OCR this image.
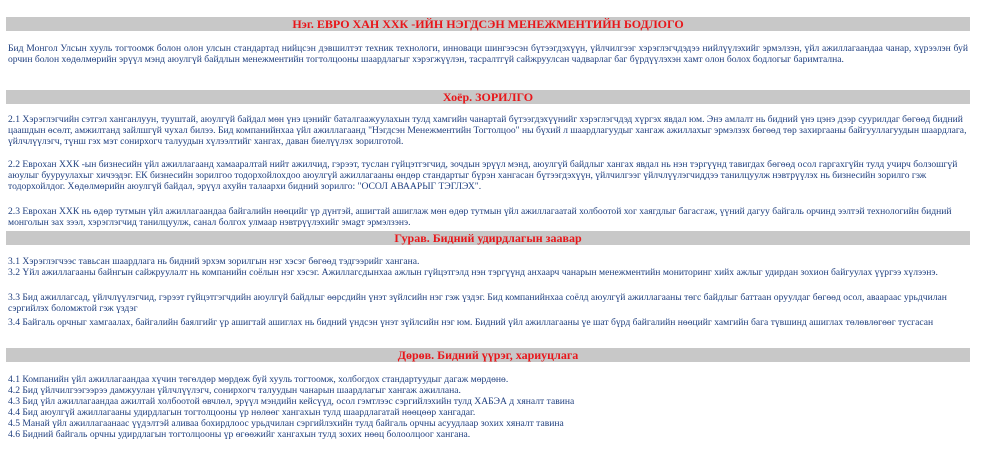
Нэг. ЕВРО ХАН ХХК -ИЙН НЭГДСЭН МЕНЕЖМЕНТИЙН БОДЛОГО

Бид Монгол Улсын хууль тогтоомж болон олон улсын стандартад нийцсэн дэвшилтэт техник технологи, инноваци шингээсэн бүтээгдэхүүн, үйлчилгээг хэрэглэгчдэдээ нийлүүлэхийг эрмэлзэн, үйл ажиллагаандаа чанар, хүрээлэн буй орчин болон хөдөлмөрийн эрүүл мэнд аюулгүй байдлын менежментийн тогтолцооны шаардлагыг хэрэгжүүлэн, тасралтгүй сайжруулсан чадварлаг баг бүрдүүлэхэн хамт олон болох бодлогыг баримтална.

Хоёр. ЗОРИЛГО

2.1 Хэрэглэгчийн сэтгэл ханганлуун, тууштай, аюулгүй байдал мөн үнэ цэнийг баталгаажуулахын тулд хамгийн чанартай бүтээгдэхүүнийг хэрэглэгчдэд хүргэх явдал юм. Энэ амлалт нь бидний үнэ цэнэ дээр суурилдаг бөгөөд бидний цаашдын өсөлт, амжилтанд зайлшгүй чухал билээ. Бид компанийнхаа үйл ажиллагаанд "Нэгдсэн Менежментийн Тогтолцоо" ны бүхий л шаардлагуудыг хангаж ажиллахыг эрмэлзэх бөгөөд төр захиргааны байгууллагуудын шаардлага, үйлчлүүлэгч, түнш гэх мэт сонирхогч талуудын хүлээлтийг хангах, даван биелүүлэх зорилготой.

2.2 Евроxан ХХК -ын бизнесийн үйл ажиллагаанд хамааралтай нийт ажилчид, гэрээт, туслан гүйцэтгэгчид, зочдын эрүүл мэнд, аюулгүй байдлыг хангах явдал нь нэн тэргүүнд тавигдах бөгөөд осол гаргахгүйн тулд учирч болзошгүй аюулыг бууруулахыг хичээдэг. ЕК бизнесийн зорилгоо тодорхойлохдоо аюулгүй ажиллагааны өндөр стандартыг бүрэн хангасан бүтээгдэхүүн, үйлчилгээг үйлчлүүлэгчиддээ танилцуулж нэвтрүүлэх нь бизнесийн зорилго гэж тодорхойлдог. Хөдөлмөрийн аюулгүй байдал, эрүүл ахуйн талаархи бидний зорилго: "ОСОЛ АВААРЫГ ТЭГЛЭХ".

2.3 Евроxан ХХК нь өдөр тутмын үйл ажиллагаандаа байгалийн нөөцийг үр дүнтэй, ашигтай ашиглаж мөн өдөр тутмын үйл ажиллагаатай холбоотой хог хаягдлыг багасгаж, үүний дагуу байгаль орчинд ээлтэй технологийн бидний монголын зах зээл, хэрэглэгчид танилцуулж, санал болгох улмаар нэвтрүүлэхийг эмаgт эрмэлзэнэ.

Гурав. Бидний удирдлагын заавар

3.1 Хэрэглэгчээс тавьсан шаардлага нь бидний эрхэм зорилгын нэг хэсэг бөгөөд тэдгээрийг хангана.

3.2 Үйл ажиллагааны байнгын сайжруулалт нь компанийн соёлын нэг хэсэг. Ажиллагсдынхаа ажлын гүйцэтгэлд нэн тэргүүнд анхаарч чанарын менежментийн мониторинг хийх ажлыг удирдан зохион байгуулах үүргээ хүлээнэ.

3.3 Бид ажиллагсад, үйлчлүүлэгчид, гэрээт гүйцэтгэгчдийн аюулгүй байдлыг өөрсдийн үнэт зүйлсийн нэг гэж үздэг. Бид компанийнхаа соёлд аюулгүй ажиллагааны төгс байдлыг баттаан оруулдаг бөгөөд осол, аваараас урьдчилан сэргийлэх боломжтой гэж үздэг

3.4 Байгаль орчныг хамгаалах, байгалийн баялгийг үр ашигтай ашиглах нь бидний үндсэн үнэт зүйлсийн нэг юм. Бидний үйл ажиллагааны үе шат бүрд байгалийн нөөцийг хамгийн бага түвшинд ашиглах төлөвлөгөөг тусгасан

Дөрөв. Бидний үүрэг, хариуцлага

4.1 Компанийн үйл ажиллагаандаа хүчин төгөлдөр мөрдөж буй хууль тогтоомж, холбогдох стандартуудыг дагаж мөрдөнө.

4.2 Бид үйлчилгээгээрээ дамжуулан үйлчлүүлэгч, сонирхогч талуудын чанарын шаардлагыг хангаж ажиллана.

4.3 Бид үйл ажиллагаандаа ажилтай холбоотой өвчлөл, эрүүл мэндийн кейсүүд, осол гэмтлээс сэргийлэхийн тулд ХАБЭА д хяналт тавина

4.4 Бид аюулгүй ажиллагааны удирдлагын тогтолцооны үр нөлөөг хангахын тулд шаардлагатай нөөцөөр хангадаг.

4.5 Манай үйл ажиллагаанаас үүдэлтэй аливаа бохирдлоос урьдчилан сэргийлэхийн тулд байгаль орчны асуудлаар зохих хяналт тавина

4.6 Бидний байгаль орчны удирдлагын тогтолцооны үр өгөөжийг хангахын тулд зохих нөөц болоолцоог хангана.
